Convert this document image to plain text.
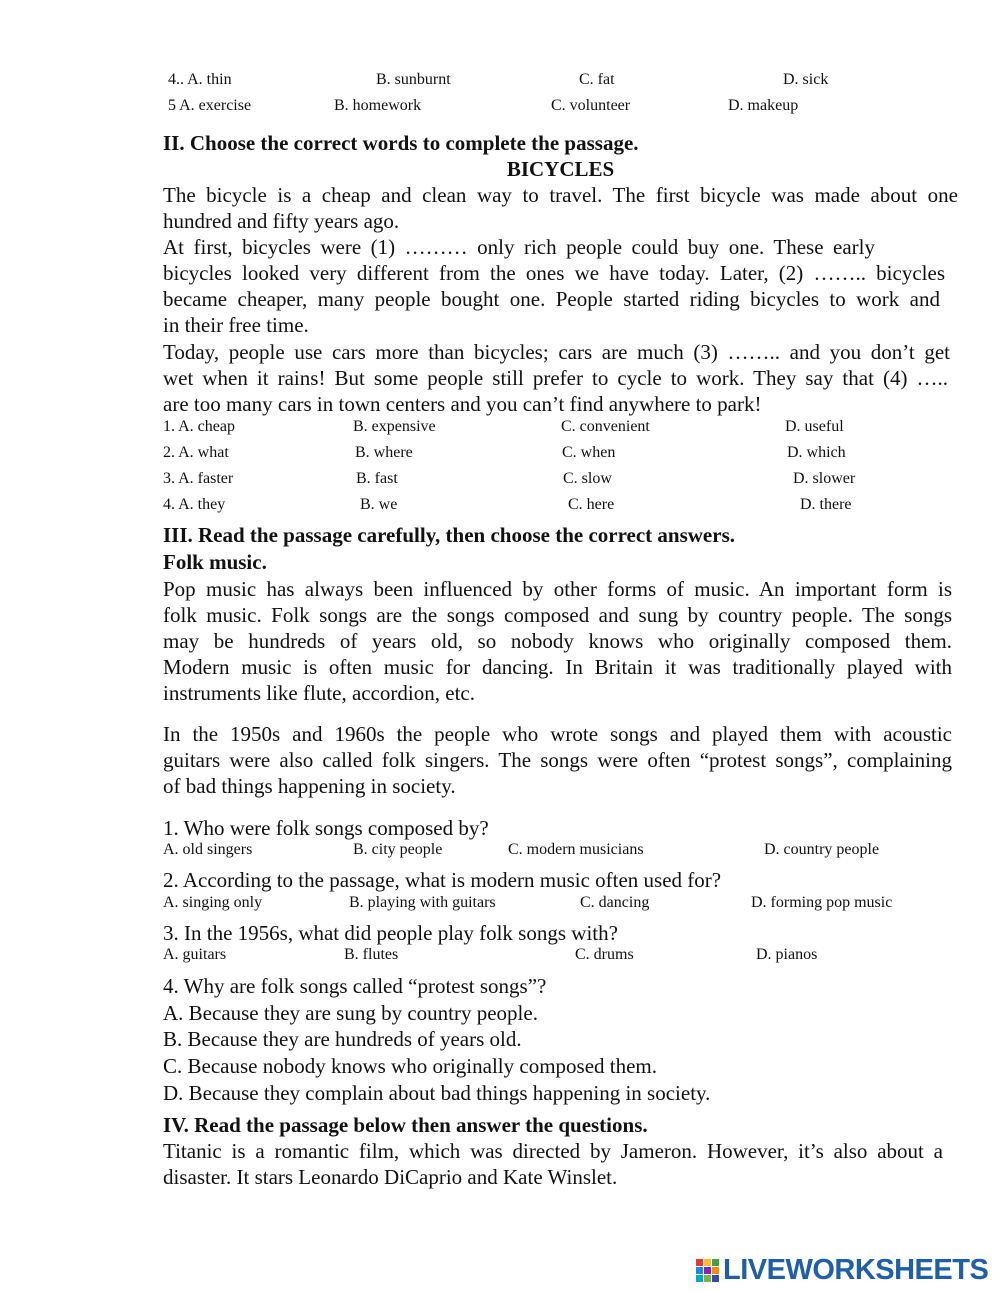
4.. A. thin	B. sunburnt	C. fat	D. sick
5 A. exercise	B. homework	C. volunteer	D. makeup
II. Choose the correct words to complete the passage.
BICYCLES
The bicycle is a cheap and clean way to travel. The first bicycle was made about one
hundred and fifty years ago.
At first, bicycles were (1) ……… only rich people could buy one. These early
bicycles looked very different from the ones we have today. Later, (2) …….. bicycles
became cheaper, many people bought one. People started riding bicycles to work and
in their free time.
Today, people use cars more than bicycles; cars are much (3) …….. and you don’t get
wet when it rains! But some people still prefer to cycle to work. They say that (4) …..
are too many cars in town centers and you can’t find anywhere to park!
1. A. cheap	B. expensive	C. convenient	D. useful
2. A. what	B. where	C. when	D. which
3. A. faster	B. fast	C. slow	D. slower
4. A. they	B. we	C. here	D. there
III. Read the passage carefully, then choose the correct answers.
Folk music.
Pop music has always been influenced by other forms of music. An important form is
folk music. Folk songs are the songs composed and sung by country people. The songs
may be hundreds of years old, so nobody knows who originally composed them.
Modern music is often music for dancing. In Britain it was traditionally played with
instruments like flute, accordion, etc.
In the 1950s and 1960s the people who wrote songs and played them with acoustic
guitars were also called folk singers. The songs were often “protest songs”, complaining
of bad things happening in society.
1. Who were folk songs composed by?
A. old singers	B. city people	C. modern musicians	D. country people
2. According to the passage, what is modern music often used for?
A. singing only	B. playing with guitars	C. dancing	D. forming pop music
3. In the 1956s, what did people play folk songs with?
A. guitars	B. flutes	C. drums	D. pianos
4. Why are folk songs called “protest songs”?
A. Because they are sung by country people.
B. Because they are hundreds of years old.
C. Because nobody knows who originally composed them.
D. Because they complain about bad things happening in society.
IV. Read the passage below then answer the questions.
Titanic is a romantic film, which was directed by Jameron. However, it’s also about a
disaster. It stars Leonardo DiCaprio and Kate Winslet.
LIVEWORKSHEETS
